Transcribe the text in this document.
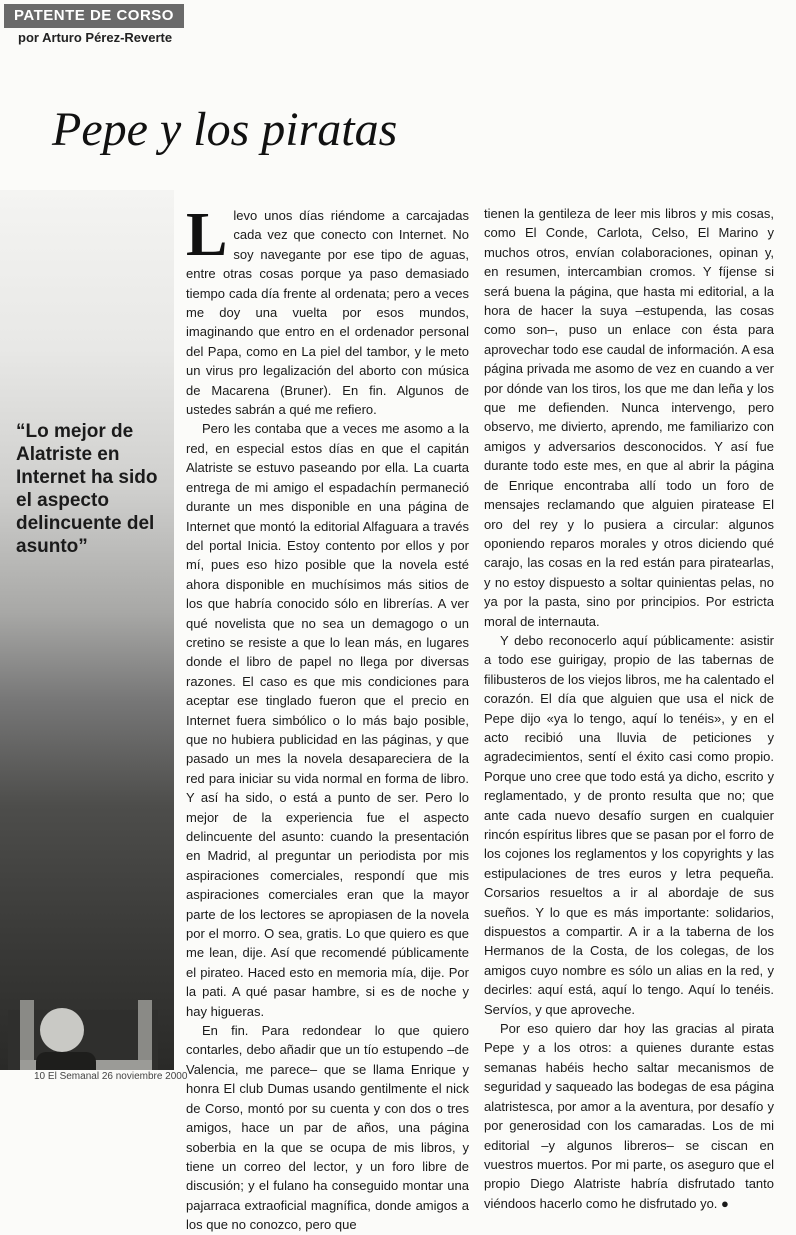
PATENTE DE CORSO
por Arturo Pérez-Reverte
Pepe y los piratas
“Lo mejor de Alatriste en Internet ha sido el aspecto delincuente del asunto”

Llevo unos días riéndome a carcajadas cada vez que conecto con Internet. No soy navegante por ese tipo de aguas, entre otras cosas porque ya paso demasiado tiempo cada día frente al ordenata; pero a veces me doy una vuelta por esos mundos, imaginando que entro en el ordenador personal del Papa, como en La piel del tambor, y le meto un virus pro legalización del aborto con música de Macarena (Bruner). En fin. Algunos de ustedes sabrán a qué me refiero.

Pero les contaba que a veces me asomo a la red, en especial estos días en que el capitán Alatriste se estuvo paseando por ella. La cuarta entrega de mi amigo el espadachín permaneció durante un mes disponible en una página de Internet que montó la editorial Alfaguara a través del portal Inicia. Estoy contento por ellos y por mí, pues eso hizo posible que la novela esté ahora disponible en muchísimos más sitios de los que habría conocido sólo en librerías. A ver qué novelista que no sea un demagogo o un cretino se resiste a que lo lean más, en lugares donde el libro de papel no llega por diversas razones. El caso es que mis condiciones para aceptar ese tinglado fueron que el precio en Internet fuera simbólico o lo más bajo posible, que no hubiera publicidad en las páginas, y que pasado un mes la novela desapareciera de la red para iniciar su vida normal en forma de libro. Y así ha sido, o está a punto de ser. Pero lo mejor de la experiencia fue el aspecto delincuente del asunto: cuando la presentación en Madrid, al preguntar un periodista por mis aspiraciones comerciales, respondí que mis aspiraciones comerciales eran que la mayor parte de los lectores se apropiasen de la novela por el morro. O sea, gratis. Lo que quiero es que me lean, dije. Así que recomendé públicamente el pirateo. Haced esto en memoria mía, dije. Por la pati. A qué pasar hambre, si es de noche y hay higueras.

En fin. Para redondear lo que quiero contarles, debo añadir que un tío estupendo –de Valencia, me parece– que se llama Enrique y honra El club Dumas usando gentilmente el nick de Corso, montó por su cuenta y con dos o tres amigos, hace un par de años, una página soberbia en la que se ocupa de mis libros, y tiene un correo del lector, y un foro libre de discusión; y el fulano ha conseguido montar una pajarraca extraoficial magnífica, donde amigos a los que no conozco, pero que

tienen la gentileza de leer mis libros y mis cosas, como El Conde, Carlota, Celso, El Marino y muchos otros, envían colaboraciones, opinan y, en resumen, intercambian cromos. Y fíjense si será buena la página, que hasta mi editorial, a la hora de hacer la suya –estupenda, las cosas como son–, puso un enlace con ésta para aprovechar todo ese caudal de información. A esa página privada me asomo de vez en cuando a ver por dónde van los tiros, los que me dan leña y los que me defienden. Nunca intervengo, pero observo, me divierto, aprendo, me familiarizo con amigos y adversarios desconocidos. Y así fue durante todo este mes, en que al abrir la página de Enrique encontraba allí todo un foro de mensajes reclamando que alguien piratease El oro del rey y lo pusiera a circular: algunos oponiendo reparos morales y otros diciendo qué carajo, las cosas en la red están para piratearlas, y no estoy dispuesto a soltar quinientas pelas, no ya por la pasta, sino por principios. Por estricta moral de internauta.

Y debo reconocerlo aquí públicamente: asistir a todo ese guirigay, propio de las tabernas de filibusteros de los viejos libros, me ha calentado el corazón. El día que alguien que usa el nick de Pepe dijo «ya lo tengo, aquí lo tenéis», y en el acto recibió una lluvia de peticiones y agradecimientos, sentí el éxito casi como propio. Porque uno cree que todo está ya dicho, escrito y reglamentado, y de pronto resulta que no; que ante cada nuevo desafío surgen en cualquier rincón espíritus libres que se pasan por el forro de los cojones los reglamentos y los copyrights y las estipulaciones de tres euros y letra pequeña. Corsarios resueltos a ir al abordaje de sus sueños. Y lo que es más importante: solidarios, dispuestos a compartir. A ir a la taberna de los Hermanos de la Costa, de los colegas, de los amigos cuyo nombre es sólo un alias en la red, y decirles: aquí está, aquí lo tengo. Aquí lo tenéis. Servíos, y que aproveche.

Por eso quiero dar hoy las gracias al pirata Pepe y a los otros: a quienes durante estas semanas habéis hecho saltar mecanismos de seguridad y saqueado las bodegas de esa página alatristesca, por amor a la aventura, por desafío y por generosidad con los camaradas. Los de mi editorial –y algunos libreros– se ciscan en vuestros muertos. Por mi parte, os aseguro que el propio Diego Alatriste habría disfrutado tanto viéndoos hacerlo como he disfrutado yo. ●

10 El Semanal 26 noviembre 2000
